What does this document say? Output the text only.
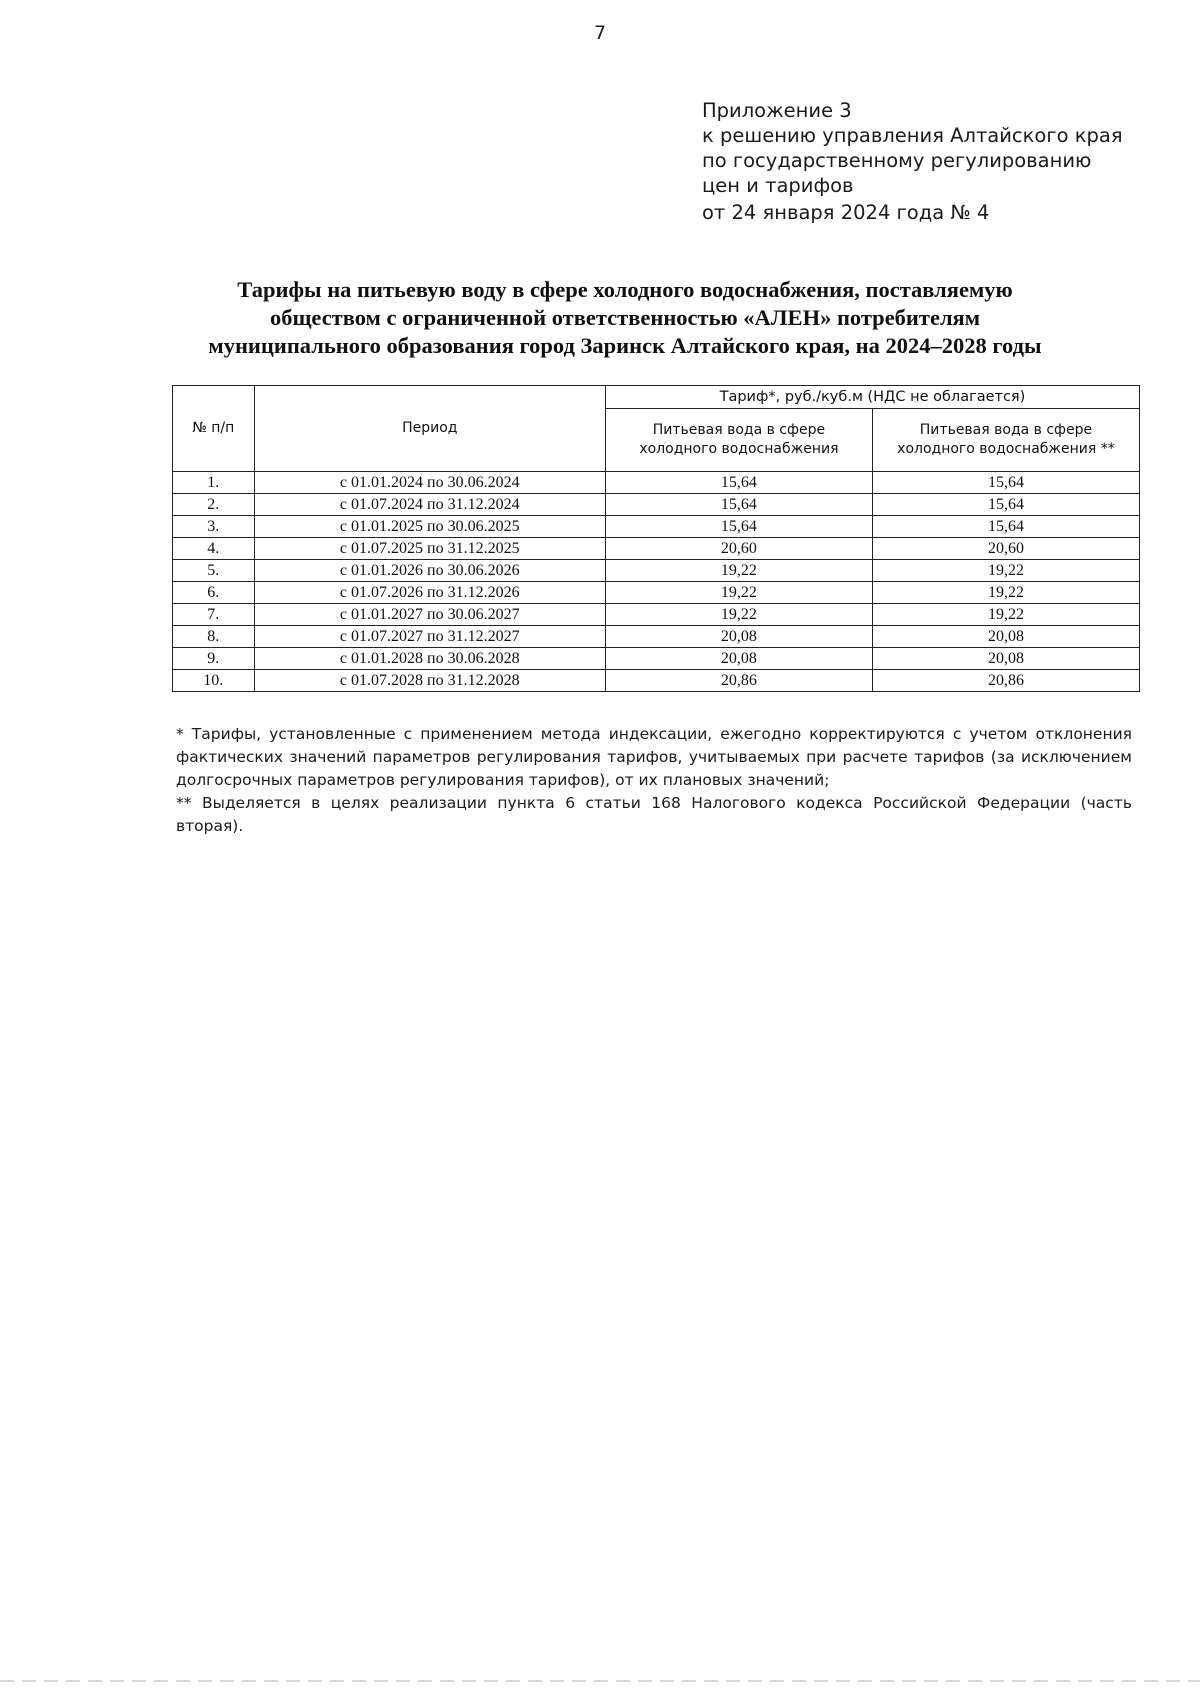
7
Приложение 3
к решению управления Алтайского края
по государственному регулированию
цен и тарифов
от 24 января 2024 года № 4
Тарифы на питьевую воду в сфере холодного водоснабжения, поставляемую
обществом с ограниченной ответственностью «АЛЕН» потребителям
муниципального образования город Заринск Алтайского края, на 2024–2028 годы
№ п/п	Период	Тариф*, руб./куб.м (НДС не облагается)	
		Питьевая вода в сфере холодного водоснабжения	Питьевая вода в сфере холодного водоснабжения **
1.	с 01.01.2024 по 30.06.2024	15,64	15,64
2.	с 01.07.2024 по 31.12.2024	15,64	15,64
3.	с 01.01.2025 по 30.06.2025	15,64	15,64
4.	с 01.07.2025 по 31.12.2025	20,60	20,60
5.	с 01.01.2026 по 30.06.2026	19,22	19,22
6.	с 01.07.2026 по 31.12.2026	19,22	19,22
7.	с 01.01.2027 по 30.06.2027	19,22	19,22
8.	с 01.07.2027 по 31.12.2027	20,08	20,08
9.	с 01.01.2028 по 30.06.2028	20,08	20,08
10.	с 01.07.2028 по 31.12.2028	20,86	20,86

* Тарифы, установленные с применением метода индексации, ежегодно корректируются с учетом отклонения фактических значений параметров регулирования тарифов, учитываемых при расчете тарифов (за исключением долгосрочных параметров регулирования тарифов), от их плановых значений;

** Выделяется в целях реализации пункта 6 статьи 168 Налогового кодекса Российской Федерации (часть вторая).
